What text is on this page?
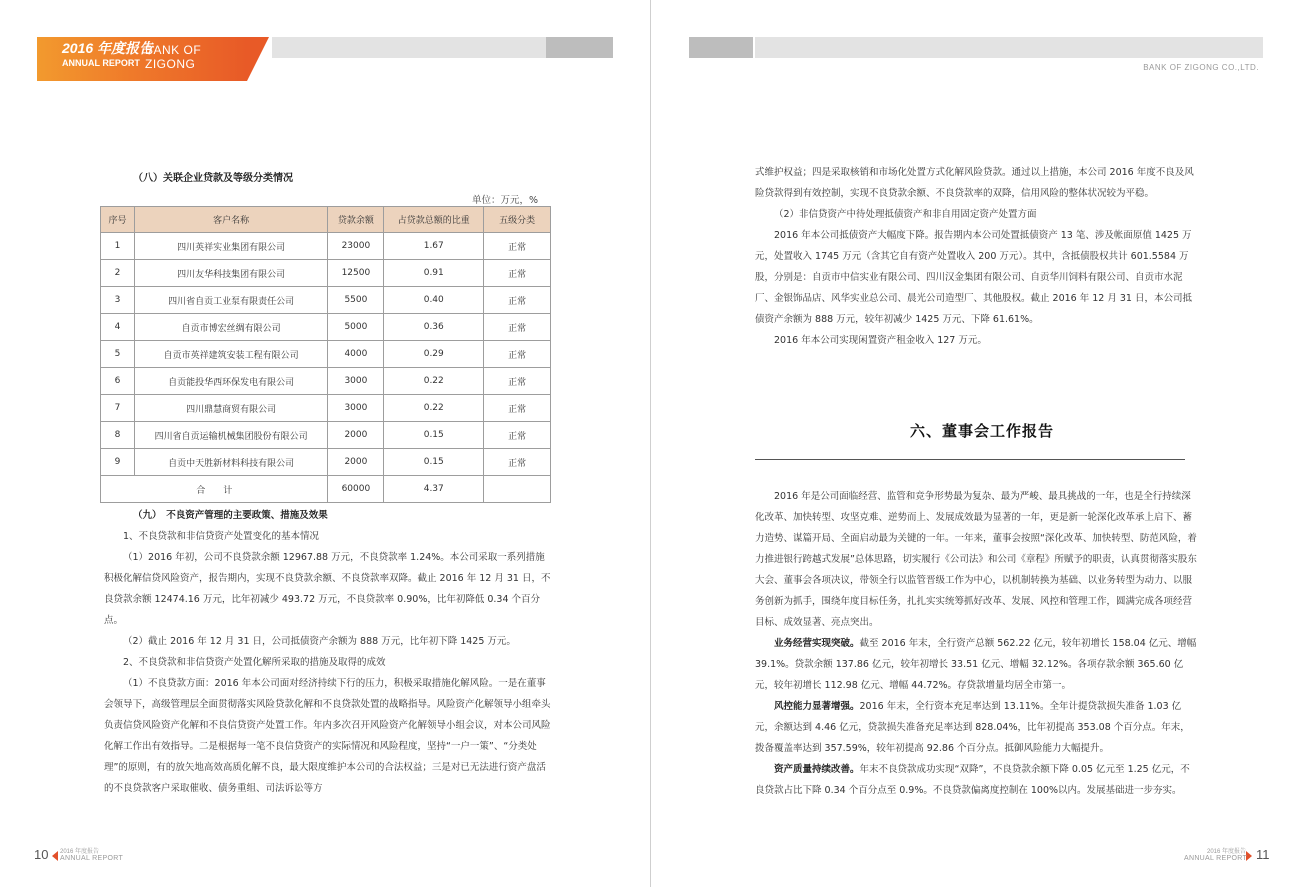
2016 年度报告
ANNUAL REPORT
BANK OF
ZIGONG
（八）关联企业贷款及等级分类情况
单位：万元，%
序号	客户名称	贷款余额	占贷款总额的比重	五级分类
1	四川英祥实业集团有限公司	23000	1.67	正常
2	四川友华科技集团有限公司	12500	0.91	正常
3	四川省自贡工业泵有限责任公司	5500	0.40	正常
4	自贡市博宏丝绸有限公司	5000	0.36	正常
5	自贡市英祥建筑安装工程有限公司	4000	0.29	正常
6	自贡能投华西环保发电有限公司	3000	0.22	正常
7	四川鼎慧商贸有限公司	3000	0.22	正常
8	四川省自贡运输机械集团股份有限公司	2000	0.15	正常
9	自贡中天胜新材料科技有限公司	2000	0.15	正常
合　　计		60000	4.37	

（九）　不良资产管理的主要政策、措施及效果

1、不良贷款和非信贷资产处置变化的基本情况

（1）2016 年初，公司不良贷款余额 12967.88 万元，不良贷款率 1.24%。本公司采取一系列措施积极化解信贷风险资产，报告期内，实现不良贷款余额、不良贷款率双降。截止 2016 年 12 月 31 日，不良贷款余额 12474.16 万元，比年初减少 493.72 万元，不良贷款率 0.90%，比年初降低 0.34 个百分点。

（2）截止 2016 年 12 月 31 日，公司抵债资产余额为 888 万元，比年初下降 1425 万元。

2、不良贷款和非信贷资产处置化解所采取的措施及取得的成效

（1）不良贷款方面：2016 年本公司面对经济持续下行的压力，积极采取措施化解风险。一是在董事会领导下，高级管理层全面贯彻落实风险贷款化解和不良贷款处置的战略指导。风险资产化解领导小组牵头负责信贷风险资产化解和不良信贷资产处置工作。年内多次召开风险资产化解领导小组会议，对本公司风险化解工作出有效指导。二是根据每一笔不良信贷资产的实际情况和风险程度，坚持“一户一策”、“分类处理”的原则，有的放矢地高效高质化解不良，最大限度维护本公司的合法权益；三是对已无法进行资产盘活的不良贷款客户采取催收、债务重组、司法诉讼等方

10 2016 年度报告
ANNUAL REPORT
BANK OF ZIGONG CO.,LTD.
11
2016 年度报告
ANNUAL REPORT

式维护权益；四是采取核销和市场化处置方式化解风险贷款。通过以上措施，本公司 2016 年度不良及风险贷款得到有效控制，实现不良贷款余额、不良贷款率的双降，信用风险的整体状况较为平稳。

（2）非信贷资产中待处理抵债资产和非自用固定资产处置方面

2016 年本公司抵债资产大幅度下降。报告期内本公司处置抵债资产 13 笔、涉及帐面原值 1425 万元，处置收入 1745 万元（含其它自有资产处置收入 200 万元）。其中，含抵债股权共计 601.5584 万股，分别是：自贡市中信实业有限公司、四川汉金集团有限公司、自贡华川饲料有限公司、自贡市水泥厂、金银饰品店、风华实业总公司、晨光公司造型厂、其他股权。截止 2016 年 12 月 31 日，本公司抵债资产余额为 888 万元，较年初减少 1425 万元、下降 61.61%。

2016 年本公司实现闲置资产租金收入 127 万元。

六、董事会工作报告

2016 年是公司面临经营、监管和竞争形势最为复杂、最为严峻、最具挑战的一年，也是全行持续深化改革、加快转型、攻坚克难、逆势而上、发展成效最为显著的一年，更是新一轮深化改革承上启下、蓄力造势、谋篇开局、全面启动最为关键的一年。一年来，董事会按照“深化改革、加快转型、防范风险，着力推进银行跨越式发展”总体思路，切实履行《公司法》和公司《章程》所赋予的职责，认真贯彻落实股东大会、董事会各项决议，带领全行以监管晋级工作为中心，以机制转换为基础、以业务转型为动力、以服务创新为抓手，围绕年度目标任务，扎扎实实统筹抓好改革、发展、风控和管理工作，圆满完成各项经营目标、成效显著、亮点突出。

业务经营实现突破。截至 2016 年末，全行资产总额 562.22 亿元，较年初增长 158.04 亿元、增幅 39.1%。贷款余额 137.86 亿元，较年初增长 33.51 亿元、增幅 32.12%。各项存款余额 365.60 亿元，较年初增长 112.98 亿元、增幅 44.72%。存贷款增量均居全市第一。

风控能力显著增强。2016 年末，全行资本充足率达到 13.11%。全年计提贷款损失准备 1.03 亿元，余额达到 4.46 亿元，贷款损失准备充足率达到 828.04%，比年初提高 353.08 个百分点。年末，拨备覆盖率达到 357.59%，较年初提高 92.86 个百分点。抵御风险能力大幅提升。

资产质量持续改善。年末不良贷款成功实现“双降”，不良贷款余额下降 0.05 亿元至 1.25 亿元，不良贷款占比下降 0.34 个百分点至 0.9%。不良贷款偏离度控制在 100%以内。发展基础进一步夯实。
